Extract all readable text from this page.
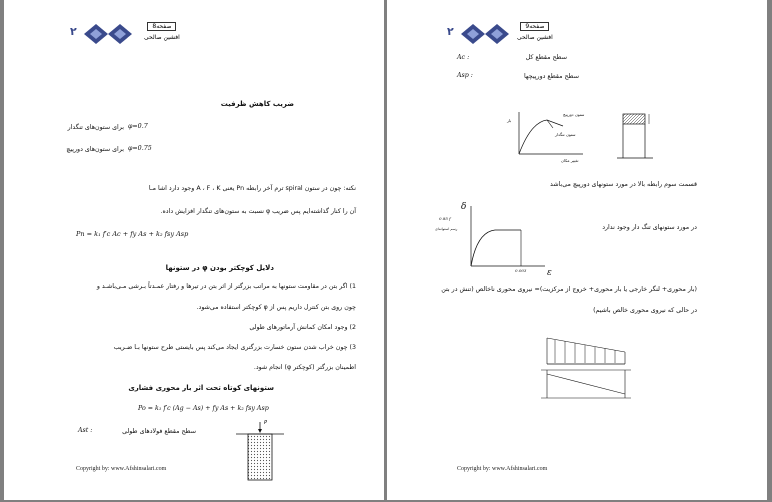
۲	صفحه8
افشین صالحی
ضریب کاهش ظرفیت
برای ستون‌های تنگدار φ=0.7
برای ستون‌های دورپیچ φ=0.75
نکته: چون در ستون spiral ترم آخر رابطه Pn یعنی A ، F ، K وجود دارد اشا مـا
آن را کنار گذاشته‌ایم پس ضریب φ نسبت به ستون‌های تنگدار افزایش داده.
Pn = k₁ f′c Ac + fy As + k₂ fsy Asp
دلایل کوچکتر بودن φ در ستونها
1) اگر بتن در مقاومت ستونها به مراتب بزرگتر از اثر بتن در تیرها و رفتار عمـدتاً بـرشی مـی‌باشـد و
چون روی بتن کنترل داریم پس از φ کوچکتر استفاده می‌شود.
2) وجود امکان کمانش آرماتورهای طولی
3) چون خراب شدن ستون خسارت بزرگتری ایجاد می‌کند پس بایستی طرح ستونها بـا ضـریب
اطمینان بزرگتر (کوچکتر φ) انجام شود.
ستونهای کوتاه تحت اثر بار محوری فشاری
Po = k₁ f′c (Ag − As) + fy As + k₂ fsy Asp
Ast :	سطح مقطع فولادهای طولی
P
Copyright by: www.Afshinsalari.com
۲	صفحه9
افشین صالحی
Ac :	سطح مقطع کل
Asp :	سطح مقطع دورپیچها
بار
ستون دورپیچ
ستون تنگدار
تغییر مکان
قسمت سوم رابطه بالا در مورد ستونهای دورپیچ می‌باشد
δ
0.85 f
رسم استوانه‌ای
0.003 ε
در مورد ستونهای تنگ دار وجود ندارد
(بار محوری+ لنگر خارجی یا بار محوری+ خروج از مرکزیت)= نیروی محوری ناخالص (تنش در بتن
در حالی که نیروی محوری خالص باشیم)
Copyright by: www.Afshinsalari.com
